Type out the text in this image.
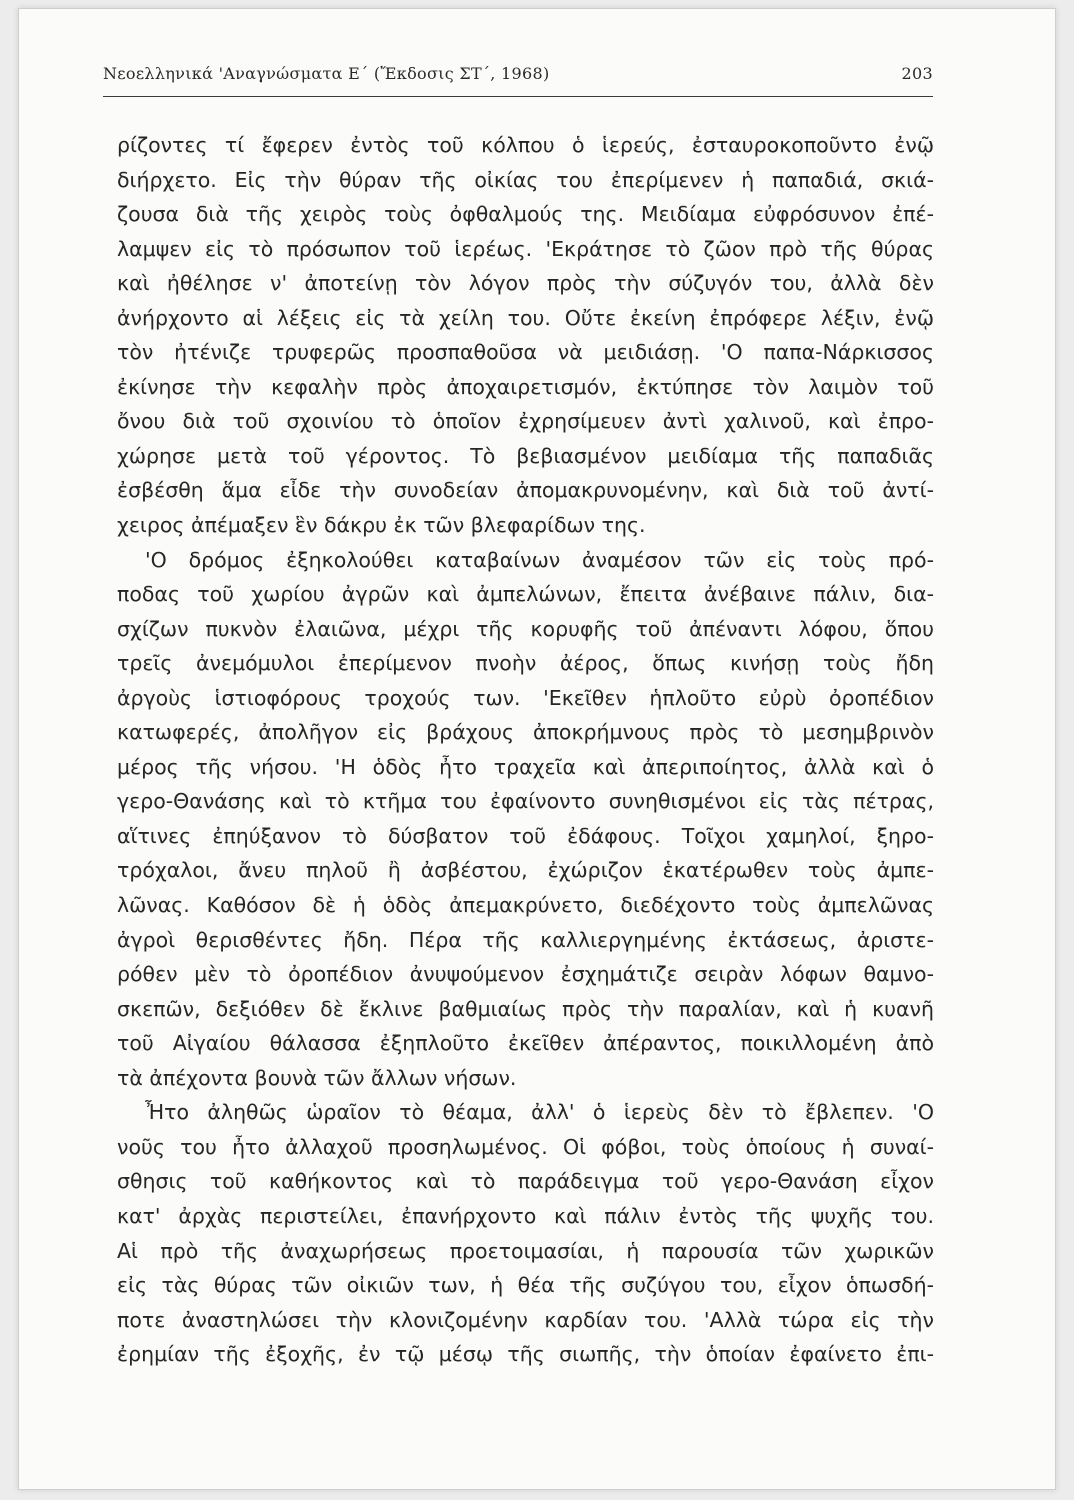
Νεοελληνικά 'Αναγνώσματα Ε΄ (Ἔκδοσις ΣΤ΄, 1968)	203
ρίζοντες τί ἔφερεν ἐντὸς τοῦ κόλπου ὁ ἱερεύς, ἐσταυροκοποῦντο ἐνῷ
διήρχετο. Εἰς τὴν θύραν τῆς οἰκίας του ἐπερίμενεν ἡ παπαδιά, σκιά-
ζουσα διὰ τῆς χειρὸς τοὺς ὀφθαλμούς της. Μειδίαμα εὐφρόσυνον ἐπέ-
λαμψεν εἰς τὸ πρόσωπον τοῦ ἱερέως. 'Εκράτησε τὸ ζῶον πρὸ τῆς θύρας
καὶ ἠθέλησε ν' ἀποτείνῃ τὸν λόγον πρὸς τὴν σύζυγόν του, ἀλλὰ δὲν
ἀνήρχοντο αἱ λέξεις εἰς τὰ χείλη του. Οὔτε ἐκείνη ἐπρόφερε λέξιν, ἐνῷ
τὸν ἠτένιζε τρυφερῶς προσπαθοῦσα νὰ μειδιάσῃ. 'Ο παπα-Νάρκισσος
ἐκίνησε τὴν κεφαλὴν πρὸς ἀποχαιρετισμόν, ἐκτύπησε τὸν λαιμὸν τοῦ
ὄνου διὰ τοῦ σχοινίου τὸ ὁποῖον ἐχρησίμευεν ἀντὶ χαλινοῦ, καὶ ἐπρο-
χώρησε μετὰ τοῦ γέροντος. Τὸ βεβιασμένον μειδίαμα τῆς παπαδιᾶς
ἐσβέσθη ἅμα εἶδε τὴν συνοδείαν ἀπομακρυνομένην, καὶ διὰ τοῦ ἀντί-
χειρος ἀπέμαξεν ἓν δάκρυ ἐκ τῶν βλεφαρίδων της.
'Ο δρόμος ἐξηκολούθει καταβαίνων ἀναμέσον τῶν εἰς τοὺς πρό-
ποδας τοῦ χωρίου ἀγρῶν καὶ ἀμπελώνων, ἔπειτα ἀνέβαινε πάλιν, δια-
σχίζων πυκνὸν ἐλαιῶνα, μέχρι τῆς κορυφῆς τοῦ ἀπέναντι λόφου, ὅπου
τρεῖς ἀνεμόμυλοι ἐπερίμενον πνοὴν ἀέρος, ὅπως κινήσῃ τοὺς ἤδη
ἀργοὺς ἱστιοφόρους τροχούς των. 'Εκεῖθεν ἡπλοῦτο εὐρὺ ὀροπέδιον
κατωφερές, ἀπολῆγον εἰς βράχους ἀποκρήμνους πρὸς τὸ μεσημβρινὸν
μέρος τῆς νήσου. 'Η ὁδὸς ἦτο τραχεῖα καὶ ἀπεριποίητος, ἀλλὰ καὶ ὁ
γερο-Θανάσης καὶ τὸ κτῆμα του ἐφαίνοντο συνηθισμένοι εἰς τὰς πέτρας,
αἵτινες ἐπηύξανον τὸ δύσβατον τοῦ ἐδάφους. Τοῖχοι χαμηλοί, ξηρο-
τρόχαλοι, ἄνευ πηλοῦ ἢ ἀσβέστου, ἐχώριζον ἑκατέρωθεν τοὺς ἀμπε-
λῶνας. Καθόσον δὲ ἡ ὁδὸς ἀπεμακρύνετο, διεδέχοντο τοὺς ἀμπελῶνας
ἀγροὶ θερισθέντες ἤδη. Πέρα τῆς καλλιεργημένης ἐκτάσεως, ἀριστε-
ρόθεν μὲν τὸ ὀροπέδιον ἀνυψούμενον ἐσχημάτιζε σειρὰν λόφων θαμνο-
σκεπῶν, δεξιόθεν δὲ ἔκλινε βαθμιαίως πρὸς τὴν παραλίαν, καὶ ἡ κυανῆ
τοῦ Αἰγαίου θάλασσα ἐξηπλοῦτο ἐκεῖθεν ἀπέραντος, ποικιλλομένη ἀπὸ
τὰ ἀπέχοντα βουνὰ τῶν ἄλλων νήσων.
Ἦτο ἀληθῶς ὡραῖον τὸ θέαμα, ἀλλ' ὁ ἱερεὺς δὲν τὸ ἔβλεπεν. 'Ο
νοῦς του ἦτο ἀλλαχοῦ προσηλωμένος. Οἱ φόβοι, τοὺς ὁποίους ἡ συναί-
σθησις τοῦ καθήκοντος καὶ τὸ παράδειγμα τοῦ γερο-Θανάση εἶχον
κατ' ἀρχὰς περιστείλει, ἐπανήρχοντο καὶ πάλιν ἐντὸς τῆς ψυχῆς του.
Αἱ πρὸ τῆς ἀναχωρήσεως προετοιμασίαι, ἡ παρουσία τῶν χωρικῶν
εἰς τὰς θύρας τῶν οἰκιῶν των, ἡ θέα τῆς συζύγου του, εἶχον ὁπωσδή-
ποτε ἀναστηλώσει τὴν κλονιζομένην καρδίαν του. 'Αλλὰ τώρα εἰς τὴν
ἐρημίαν τῆς ἐξοχῆς, ἐν τῷ μέσῳ τῆς σιωπῆς, τὴν ὁποίαν ἐφαίνετο ἐπι-
